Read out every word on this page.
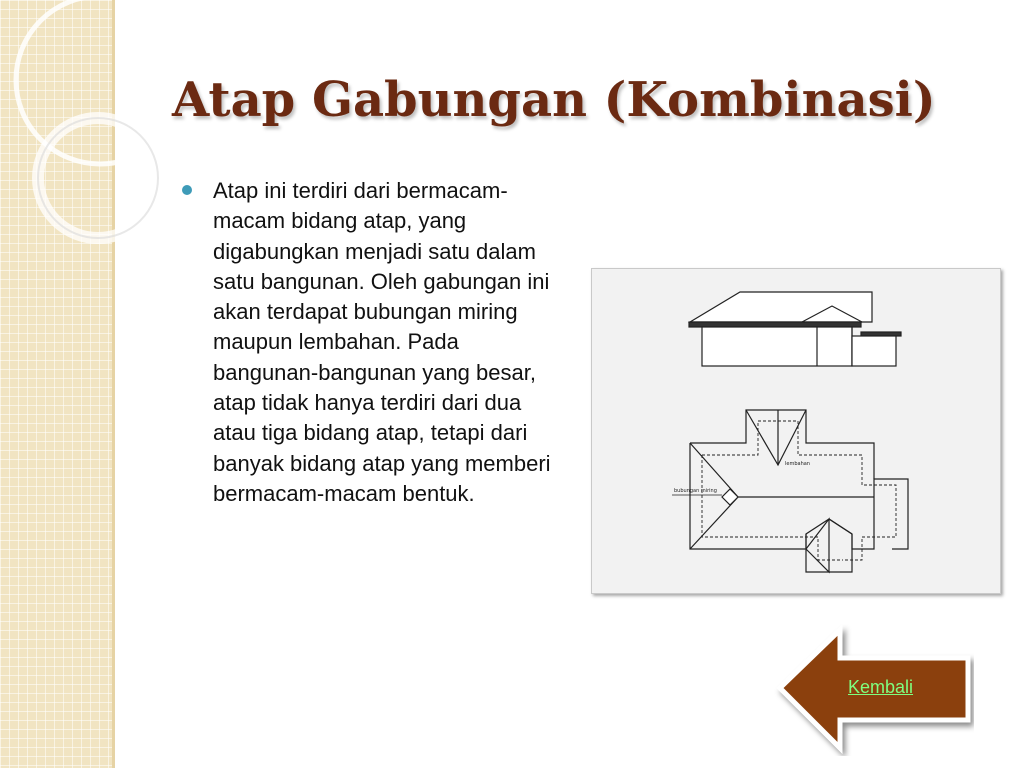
Atap Gabungan (Kombinasi)

Atap ini terdiri dari bermacam-macam bidang atap, yang digabungkan menjadi satu dalam satu bangunan. Oleh gabungan ini akan terdapat bubungan miring maupun lembahan. Pada bangunan-bangunan yang besar, atap tidak hanya terdiri dari dua atau tiga bidang atap, tetapi dari banyak bidang atap yang memberi bermacam-macam bentuk.

lembahan
bubungan miring
Kembali
